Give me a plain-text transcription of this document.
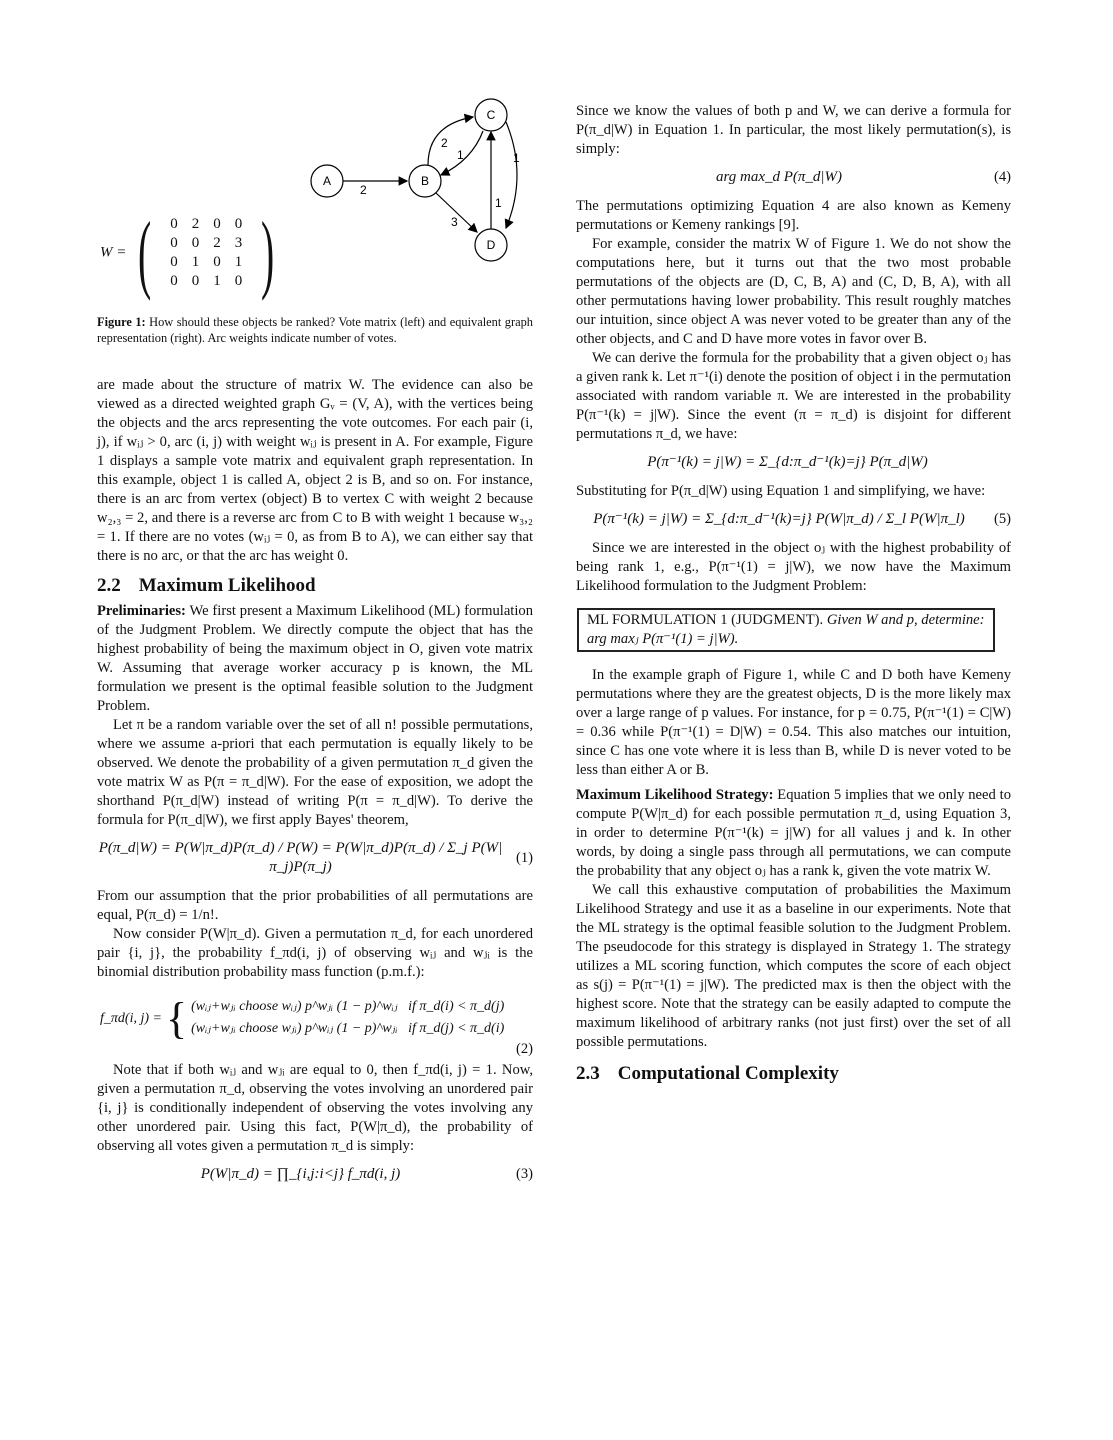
W = ( 0	2	0	0
0	0	2	3
0	1	0	1
0	0	1	0 )
A	B
C
D
2
2
1	1
1
3
Figure 1: How should these objects be ranked? Vote matrix (left) and equivalent graph representation (right). Arc weights indicate number of votes.

are made about the structure of matrix W. The evidence can also be viewed as a directed weighted graph Gᵥ = (V, A), with the vertices being the objects and the arcs representing the vote outcomes. For each pair (i, j), if wᵢⱼ > 0, arc (i, j) with weight wᵢⱼ is present in A. For example, Figure 1 displays a sample vote matrix and equivalent graph representation. In this example, object 1 is called A, object 2 is B, and so on. For instance, there is an arc from vertex (object) B to vertex C with weight 2 because w₂,₃ = 2, and there is a reverse arc from C to B with weight 1 because w₃,₂ = 1. If there are no votes (wᵢⱼ = 0, as from B to A), we can either say that there is no arc, or that the arc has weight 0.

2.2 Maximum Likelihood

Preliminaries: We first present a Maximum Likelihood (ML) formulation of the Judgment Problem. We directly compute the object that has the highest probability of being the maximum object in O, given vote matrix W. Assuming that average worker accuracy p is known, the ML formulation we present is the optimal feasible solution to the Judgment Problem.

Let π be a random variable over the set of all n! possible permutations, where we assume a-priori that each permutation is equally likely to be observed. We denote the probability of a given permutation π_d given the vote matrix W as P(π = π_d|W). For the ease of exposition, we adopt the shorthand P(π_d|W) instead of writing P(π = π_d|W). To derive the formula for P(π_d|W), we first apply Bayes' theorem,

P(π_d|W) = P(W|π_d)P(π_d) / P(W) = P(W|π_d)P(π_d) / Σ_j P(W|π_j)P(π_j)
(1)

From our assumption that the prior probabilities of all permutations are equal, P(π_d) = 1/n!.

Now consider P(W|π_d). Given a permutation π_d, for each unordered pair {i, j}, the probability f_πd(i, j) of observing wᵢⱼ and wⱼᵢ is the binomial distribution probability mass function (p.m.f.):

f_πd(i, j) = { (wᵢⱼ+wⱼᵢ choose wᵢⱼ) p^wⱼᵢ (1 − p)^wᵢⱼ if π_d(i) < π_d(j)
(wᵢⱼ+wⱼᵢ choose wⱼᵢ) p^wᵢⱼ (1 − p)^wⱼᵢ if π_d(j) < π_d(i)
(2)

Note that if both wᵢⱼ and wⱼᵢ are equal to 0, then f_πd(i, j) = 1. Now, given a permutation π_d, observing the votes involving an unordered pair {i, j} is conditionally independent of observing the votes involving any other unordered pair. Using this fact, P(W|π_d), the probability of observing all votes given a permutation π_d is simply:

P(W|π_d) = ∏_{i,j:i<j} f_πd(i, j)	(3)

Since we know the values of both p and W, we can derive a formula for P(π_d|W) in Equation 1. In particular, the most likely permutation(s), is simply:

arg max_d P(π_d|W)	(4)

The permutations optimizing Equation 4 are also known as Kemeny permutations or Kemeny rankings [9].

For example, consider the matrix W of Figure 1. We do not show the computations here, but it turns out that the two most probable permutations of the objects are (D, C, B, A) and (C, D, B, A), with all other permutations having lower probability. This result roughly matches our intuition, since object A was never voted to be greater than any of the other objects, and C and D have more votes in favor over B.

We can derive the formula for the probability that a given object oⱼ has a given rank k. Let π⁻¹(i) denote the position of object i in the permutation associated with random variable π. We are interested in the probability P(π⁻¹(k) = j|W). Since the event (π = π_d) is disjoint for different permutations π_d, we have:

P(π⁻¹(k) = j|W) = Σ_{d:π_d⁻¹(k)=j} P(π_d|W)

Substituting for P(π_d|W) using Equation 1 and simplifying, we have:

P(π⁻¹(k) = j|W) = Σ_{d:π_d⁻¹(k)=j} P(W|π_d) / Σ_l P(W|π_l)	(5)

Since we are interested in the object oⱼ with the highest probability of being rank 1, e.g., P(π⁻¹(1) = j|W), we now have the Maximum Likelihood formulation to the Judgment Problem:

ML FORMULATION 1 (JUDGMENT). Given W and p, determine: arg maxⱼ P(π⁻¹(1) = j|W).

In the example graph of Figure 1, while C and D both have Kemeny permutations where they are the greatest objects, D is the more likely max over a large range of p values. For instance, for p = 0.75, P(π⁻¹(1) = C|W) = 0.36 while P(π⁻¹(1) = D|W) = 0.54. This also matches our intuition, since C has one vote where it is less than B, while D is never voted to be less than either A or B.

Maximum Likelihood Strategy: Equation 5 implies that we only need to compute P(W|π_d) for each possible permutation π_d, using Equation 3, in order to determine P(π⁻¹(k) = j|W) for all values j and k. In other words, by doing a single pass through all permutations, we can compute the probability that any object oⱼ has a rank k, given the vote matrix W.

We call this exhaustive computation of probabilities the Maximum Likelihood Strategy and use it as a baseline in our experiments. Note that the ML strategy is the optimal feasible solution to the Judgment Problem. The pseudocode for this strategy is displayed in Strategy 1. The strategy utilizes a ML scoring function, which computes the score of each object as s(j) = P(π⁻¹(1) = j|W). The predicted max is then the object with the highest score. Note that the strategy can be easily adapted to compute the maximum likelihood of arbitrary ranks (not just first) over the set of all possible permutations.

2.3 Computational Complexity
